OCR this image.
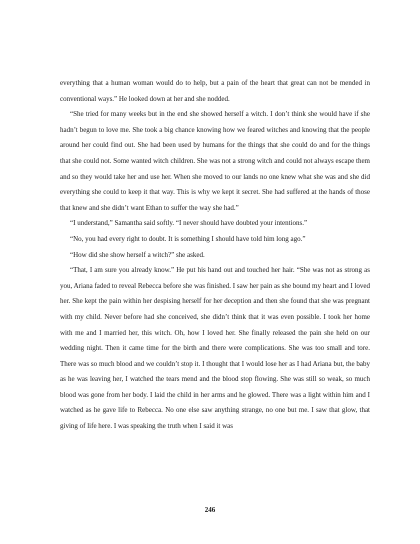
everything that a human woman would do to help, but a pain of the heart that great can not be mended in conventional ways.” He looked down at her and she nodded.

“She tried for many weeks but in the end she showed herself a witch. I don’t think she would have if she hadn’t begun to love me. She took a big chance knowing how we feared witches and knowing that the people around her could find out. She had been used by humans for the things that she could do and for the things that she could not. Some wanted witch children. She was not a strong witch and could not always escape them and so they would take her and use her. When she moved to our lands no one knew what she was and she did everything she could to keep it that way. This is why we kept it secret. She had suffered at the hands of those that knew and she didn’t want Ethan to suffer the way she had.”

“I understand,” Samantha said softly. “I never should have doubted your intentions.”

“No, you had every right to doubt. It is something I should have told him long ago.”

“How did she show herself a witch?” she asked.

“That, I am sure you already know.” He put his hand out and touched her hair. “She was not as strong as you, Ariana faded to reveal Rebecca before she was finished. I saw her pain as she bound my heart and I loved her. She kept the pain within her despising herself for her deception and then she found that she was pregnant with my child. Never before had she conceived, she didn’t think that it was even possible. I took her home with me and I married her, this witch. Oh, how I loved her. She finally released the pain she held on our wedding night. Then it came time for the birth and there were complications. She was too small and tore. There was so much blood and we couldn’t stop it. I thought that I would lose her as I had Ariana but, the baby as he was leaving her, I watched the tears mend and the blood stop flowing. She was still so weak, so much blood was gone from her body. I laid the child in her arms and he glowed. There was a light within him and I watched as he gave life to Rebecca. No one else saw anything strange, no one but me. I saw that glow, that giving of life here. I was speaking the truth when I said it was

246
